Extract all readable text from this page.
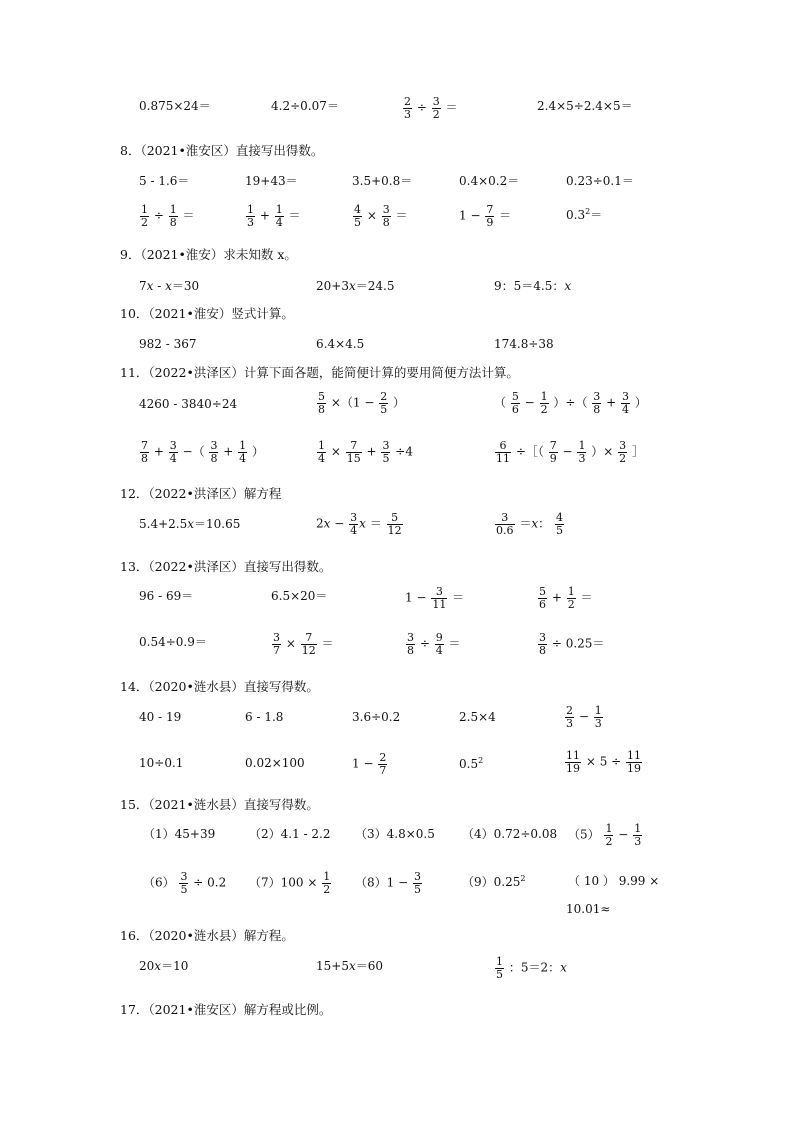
0.875×24＝	4.2÷0.07＝	$\frac{2}{3} \div \frac{3}{2}$ ＝	2.4×5÷2.4×5＝
8．（2021•淮安区）直接写出得数。
5 - 1.6＝	19+43＝	3.5+0.8＝	0.4×0.2＝	0.23÷0.1＝
$\frac{1}{2} \div \frac{1}{8}$ ＝	$\frac{1}{3} + \frac{1}{4}$ ＝	$\frac{4}{5} \times \frac{3}{8}$ ＝	$1 - \frac{7}{9}$ ＝	$0.3^2=$
9．（2021•淮安）求未知数 x。
7x - x＝30	20+3x＝24.5	9：5＝4.5：x
10．（2021•淮安）竖式计算。
982 - 367	6.4×4.5	174.8÷38
11．（2022•洪泽区）计算下面各题，能简便计算的要用简便方法计算。
4260 - 3840÷24	$\frac{5}{8} \times(1 - \frac{2}{5}$ ）	（ $\frac{5}{6} - \frac{1}{2}$ ）÷（ $\frac{3}{8} + \frac{3}{4}$ ）
$\frac{7}{8} + \frac{3}{4}$ −（ $\frac{3}{8} + \frac{1}{4}$ ）	$\frac{1}{4} \times \frac{7}{15} + \frac{3}{5} \div 4$	$\frac{6}{11}$ ÷［（ $\frac{7}{9} - \frac{1}{3}$ ）× $\frac{3}{2}$ ］
12．（2022•洪泽区）解方程
5.4+2.5x＝10.65	$2x - \frac{3}{4}$ $x = \frac{5}{12}$	$\frac{3}{0.6} =x$： $\frac{4}{5}$
13．（2022•洪泽区）直接写出得数。
96 - 69＝	6.5×20＝	$1 - \frac{3}{11}$ ＝	$\frac{5}{6} + \frac{1}{2}$ ＝
0.54÷0.9＝	$\frac{3}{7} \times \frac{7}{12}$ ＝	$\frac{3}{8} \div \frac{9}{4}$ ＝	$\frac{3}{8} \div 0.25=$
14．（2020•涟水县）直接写得数。
40 - 19	6 - 1.8	3.6÷0.2	2.5×4	$\frac{2}{3} - \frac{1}{3}$
10÷0.1	0.02×100	$1 - \frac{2}{7}$	$0.5^2$	$\frac{11}{19} \times 5 \div \frac{11}{19}$
15．（2021•涟水县）直接写得数。
（1）45+39	（2）4.1 - 2.2 （3）4.8×0.5 （4）0.72÷0.08 $(5) \frac{1}{2} - \frac{1}{3}$
$(6) \frac{3}{5} \div 0.2$ $(7)100 \times \frac{1}{2} (8)1 - \frac{3}{5}$	（9）0.25$^2$	（ 10 ） 9.99 ×
10.01≈
16．（2020•涟水县）解方程。
20x＝10	15+5x＝60	$\frac{1}{5}$ ：5＝2：x
17．（2021•淮安区）解方程或比例。
